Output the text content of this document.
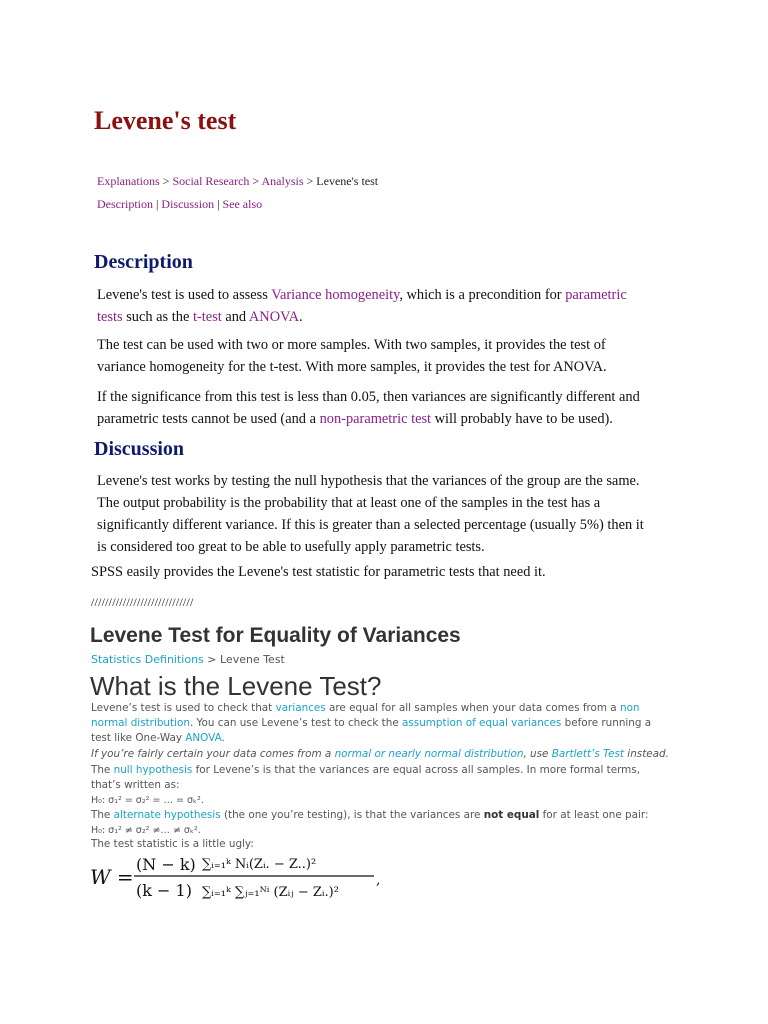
Levene's test
Explanations > Social Research > Analysis > Levene's test
Description | Discussion | See also
Description
Levene's test is used to assess Variance homogeneity, which is a precondition for parametric
tests such as the t-test and ANOVA.
The test can be used with two or more samples. With two samples, it provides the test of
variance homogeneity for the t-test. With more samples, it provides the test for ANOVA.
If the significance from this test is less than 0.05, then variances are significantly different and
parametric tests cannot be used (and a non-parametric test will probably have to be used).
Discussion
Levene's test works by testing the null hypothesis that the variances of the group are the same.
The output probability is the probability that at least one of the samples in the test has a
significantly different variance. If this is greater than a selected percentage (usually 5%) then it
is considered too great to be able to usefully apply parametric tests.
SPSS easily provides the Levene's test statistic for parametric tests that need it.
/////////////////////////////
Levene Test for Equality of Variances
Statistics Definitions > Levene Test
What is the Levene Test?
Levene’s test is used to check that variances are equal for all samples when your data comes from a non
normal distribution. You can use Levene’s test to check the assumption of equal variances before running a
test like One-Way ANOVA.
If you’re fairly certain your data comes from a normal or nearly normal distribution, use Bartlett’s Test instead.
The null hypothesis for Levene’s is that the variances are equal across all samples. In more formal terms,
that’s written as:
H₀: σ₁² = σ₂² = … = σₖ².
The alternate hypothesis (the one you’re testing), is that the variances are not equal for at least one pair:
H₀: σ₁² ≠ σ₂² ≠… ≠ σₖ².
The test statistic is a little ugly:
W =
(N − k)
(k − 1)
∑ᵢ₌₁ᵏ Nᵢ(Zᵢ. − Z..)²
∑ᵢ₌₁ᵏ ∑ⱼ₌₁ᴺⁱ (Zᵢⱼ − Zᵢ.)²
,
